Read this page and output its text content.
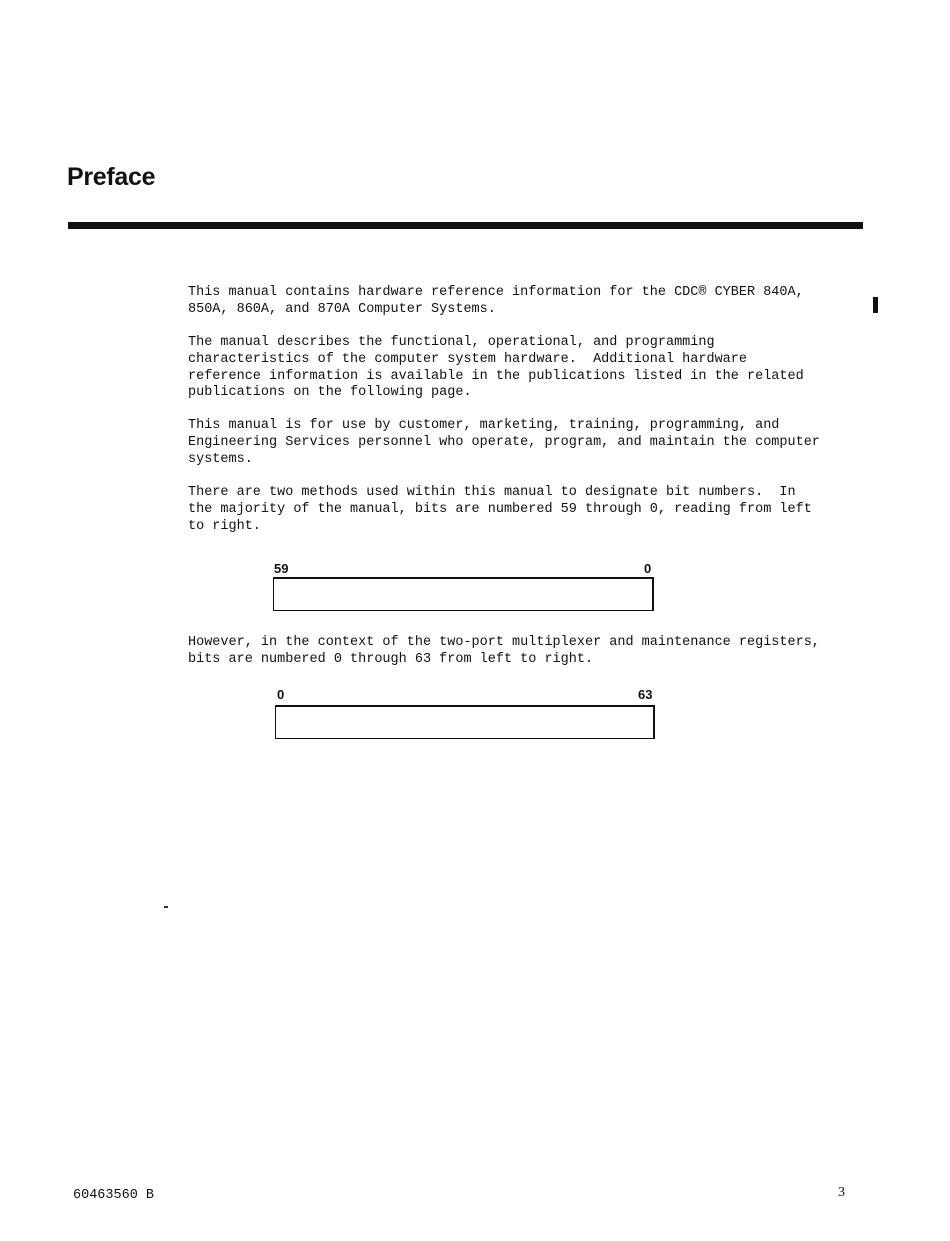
Preface

This manual contains hardware reference information for the CDC® CYBER 840A,
850A, 860A, and 870A Computer Systems.

The manual describes the functional, operational, and programming
characteristics of the computer system hardware.  Additional hardware
reference information is available in the publications listed in the related
publications on the following page.

This manual is for use by customer, marketing, training, programming, and
Engineering Services personnel who operate, program, and maintain the computer
systems.

There are two methods used within this manual to designate bit numbers.  In
the majority of the manual, bits are numbered 59 through 0, reading from left
to right.

59	0

However, in the context of the two-port multiplexer and maintenance registers,
bits are numbered 0 through 63 from left to right.

0	63
60463560 B	3
